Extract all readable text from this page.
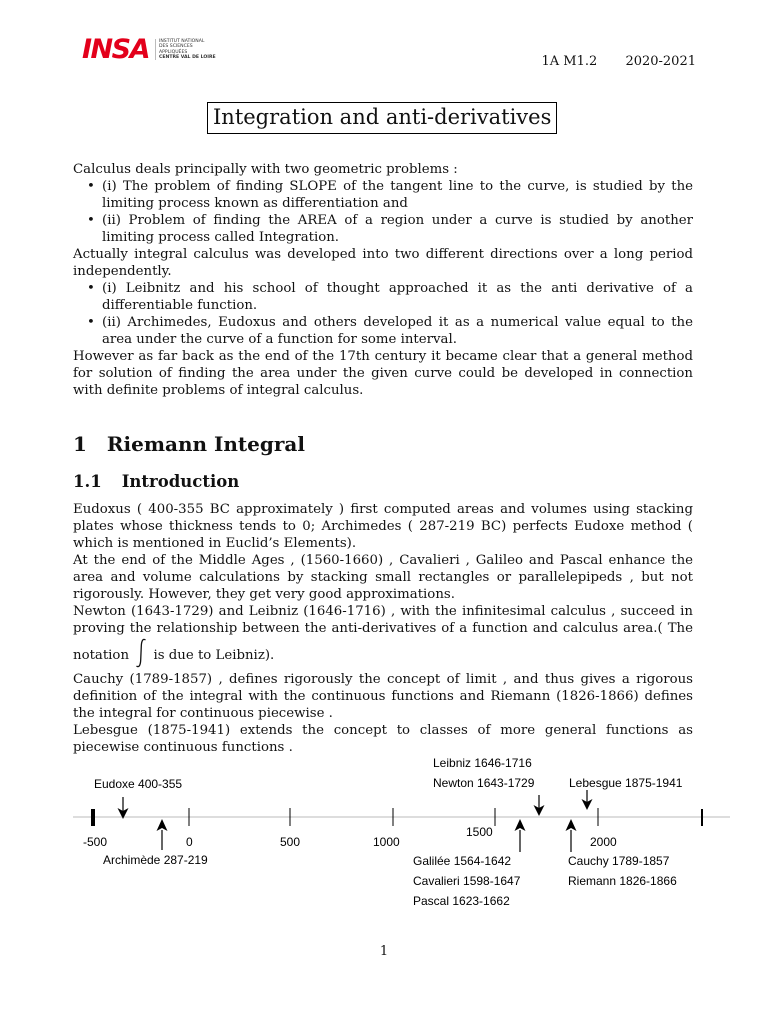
INSA	INSTITUT NATIONAL
DES SCIENCES
APPLIQUÉES
CENTRE VAL DE LOIRE	1A M1.2 2020-2021
Integration and anti-derivatives

Calculus deals principally with two geometric problems :

• (i) The problem of finding SLOPE of the tangent line to the curve, is studied by the limiting process known as differentiation and
• (ii) Problem of finding the AREA of a region under a curve is studied by another limiting process called Integration.

Actually integral calculus was developed into two different directions over a long period independently.

• (i) Leibnitz and his school of thought approached it as the anti derivative of a differentiable function.
• (ii) Archimedes, Eudoxus and others developed it as a numerical value equal to the area under the curve of a function for some interval.

However as far back as the end of the 17th century it became clear that a general method for solution of finding the area under the given curve could be developed in connection with definite problems of integral calculus.

1 Riemann Integral
1.1 Introduction

Eudoxus ( 400-355 BC approximately ) first computed areas and volumes using stacking plates whose thickness tends to 0; Archimedes ( 287-219 BC) perfects Eudoxe method ( which is mentioned in Euclid’s Elements).

At the end of the Middle Ages , (1560-1660) , Cavalieri , Galileo and Pascal enhance the area and volume calculations by stacking small rectangles or parallelepipeds , but not rigorously. However, they get very good approximations.

Newton (1643-1729) and Leibniz (1646-1716) , with the infinitesimal calculus , succeed in proving the relationship between the anti-derivatives of a function and calculus area.( The notation is due to Leibniz).

Cauchy (1789-1857) , defines rigorously the concept of limit , and thus gives a rigorous definition of the integral with the continuous functions and Riemann (1826-1866) defines the integral for continuous piecewise .

Lebesgue (1875-1941) extends the concept to classes of more general functions as piecewise continuous functions .

-500	0	500	1000
1500
2000
Eudoxe 400-355
Leibniz 1646-1716
Newton 1643-1729	Lebesgue 1875-1941
Archimède 287-219	Galilée 1564-1642
Cavalieri 1598-1647
Pascal 1623-1662
Cauchy 1789-1857
Riemann 1826-1866
1
